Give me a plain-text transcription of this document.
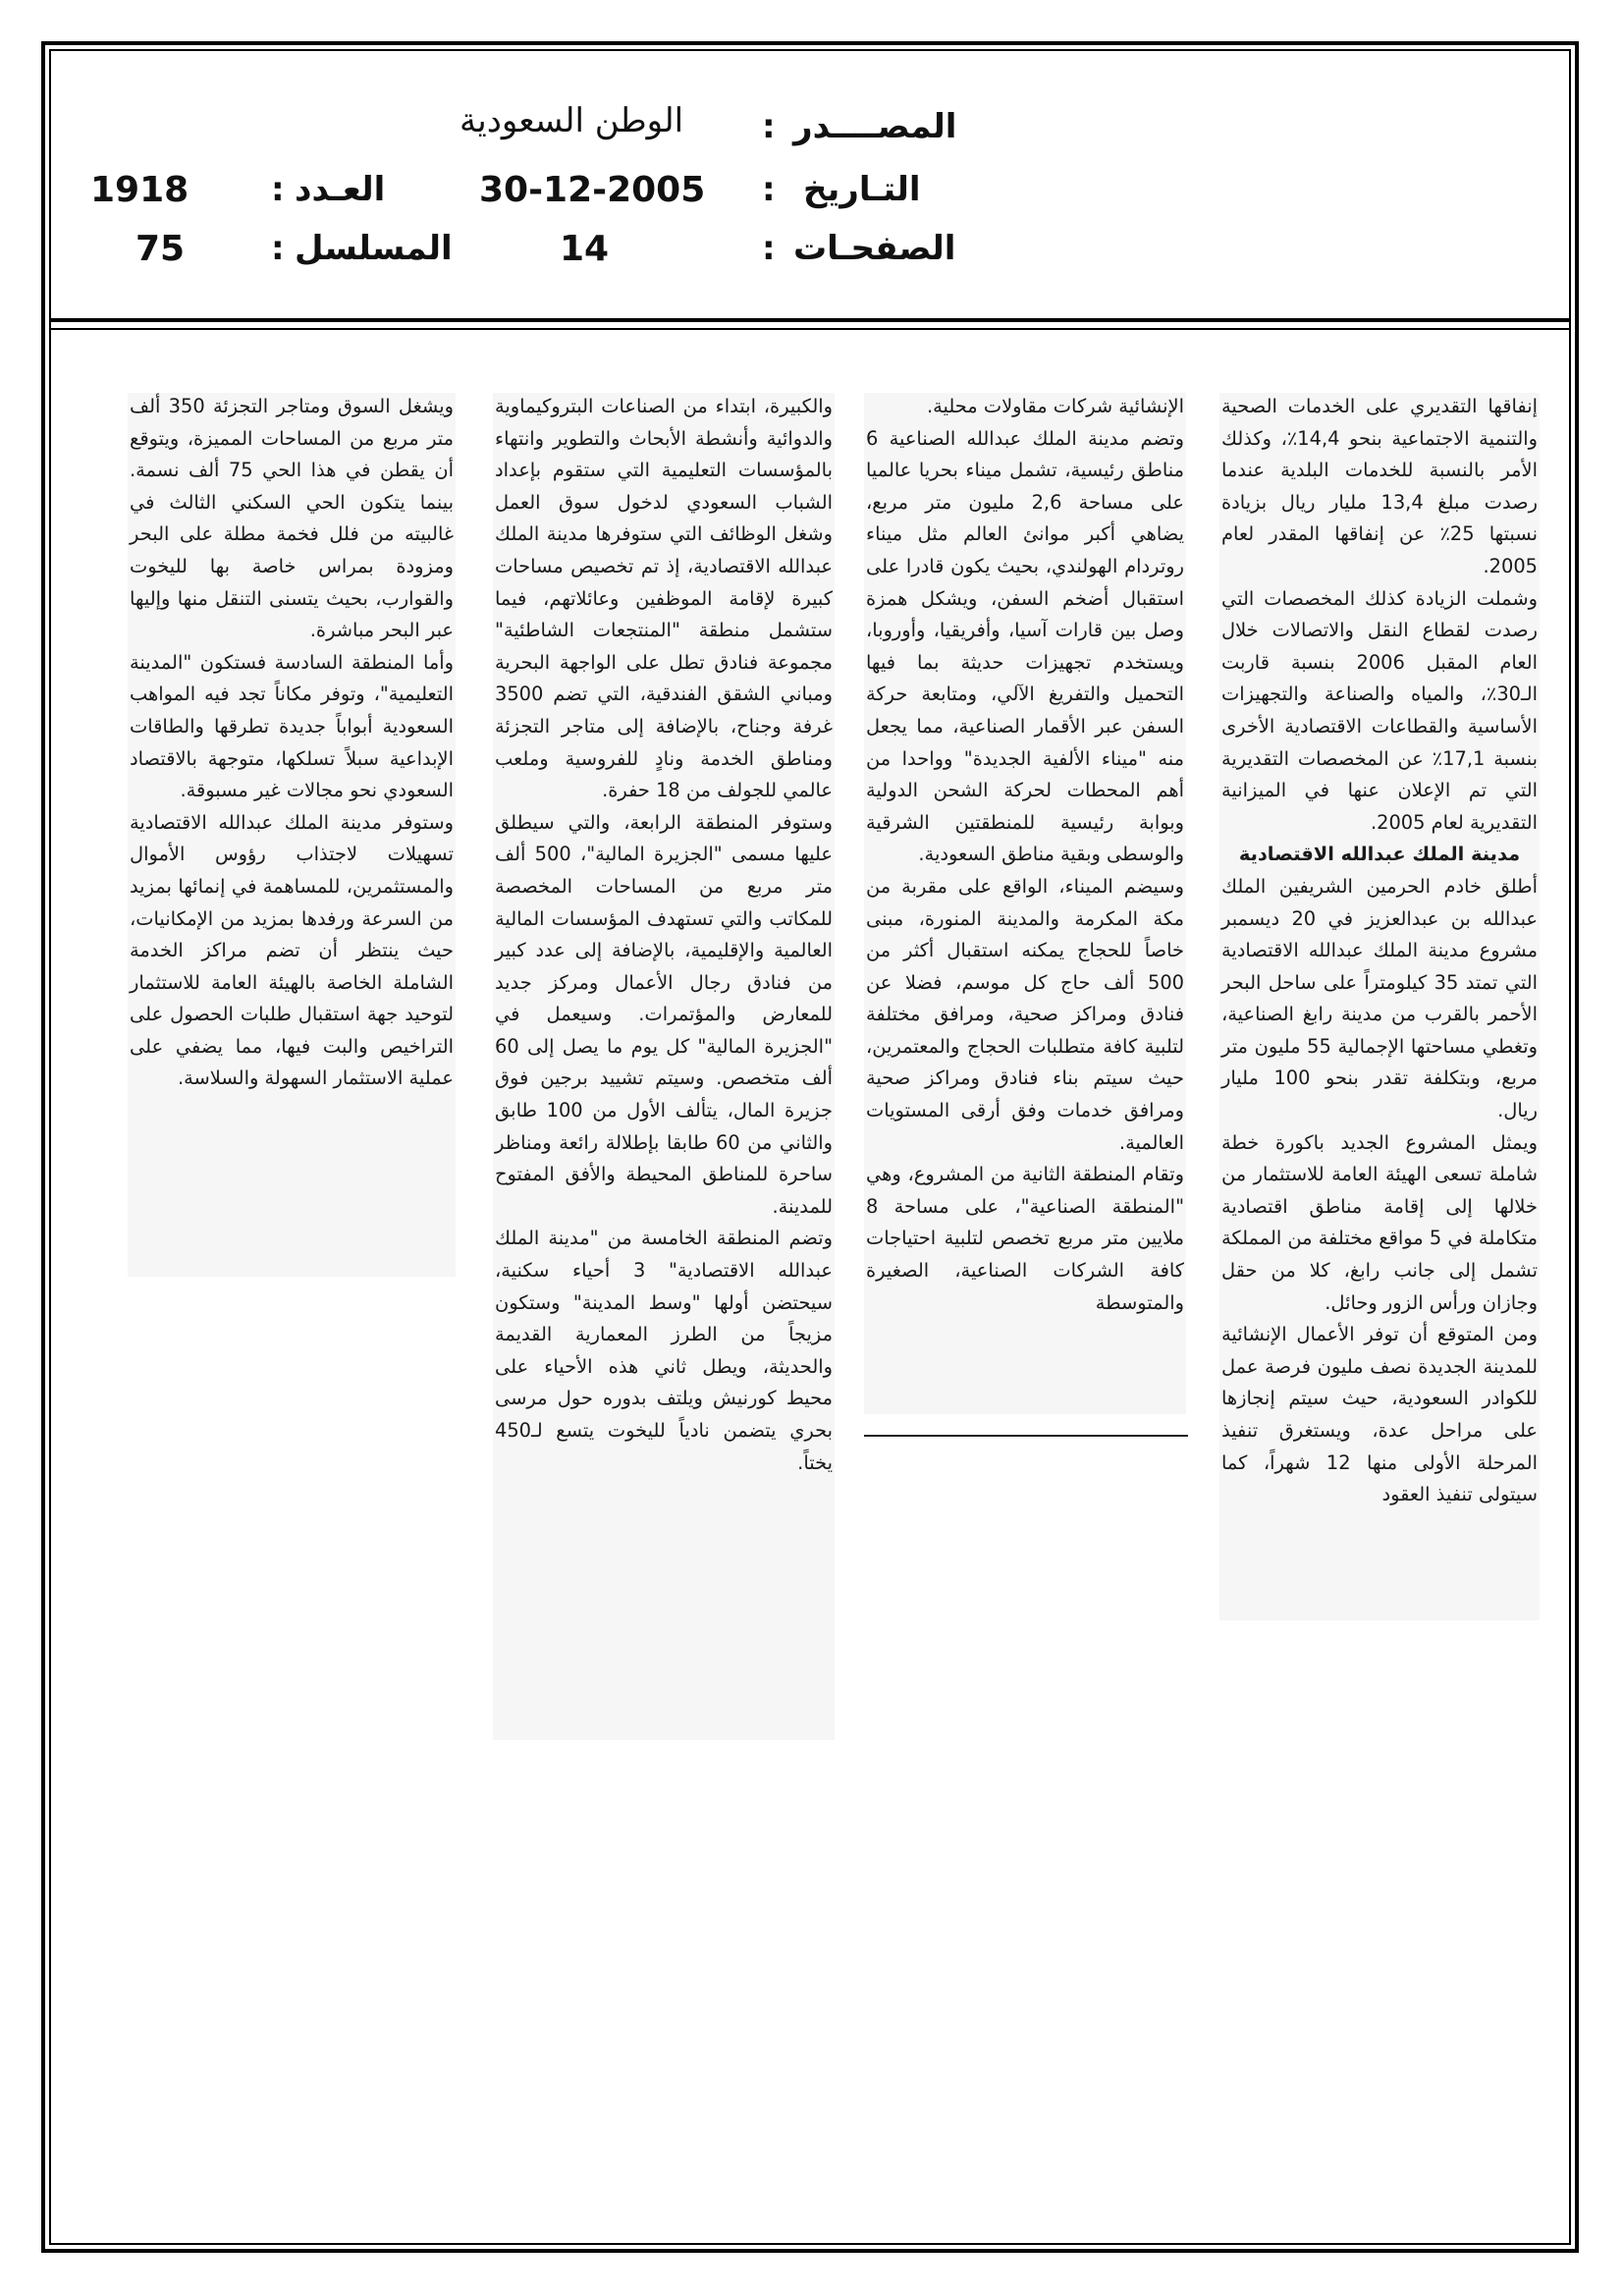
المصــــدر
:
الوطن السعودية
التـاريخ
:
30-12-2005
العـدد
:
1918
الصفحـات
:
14
المسلسل
:
75

إنفاقها التقديري على الخدمات الصحية والتنمية الاجتماعية بنحو 14,4٪، وكذلك الأمر بالنسبة للخدمات البلدية عندما رصدت مبلغ 13,4 مليار ريال بزيادة نسبتها 25٪ عن إنفاقها المقدر لعام 2005.

وشملت الزيادة كذلك المخصصات التي رصدت لقطاع النقل والاتصالات خلال العام المقبل 2006 بنسبة قاربت الـ30٪، والمياه والصناعة والتجهيزات الأساسية والقطاعات الاقتصادية الأخرى بنسبة 17,1٪ عن المخصصات التقديرية التي تم الإعلان عنها في الميزانية التقديرية لعام 2005.

مدينة الملك عبدالله الاقتصادية

أطلق خادم الحرمين الشريفين الملك عبدالله بن عبدالعزيز في 20 ديسمبر مشروع مدينة الملك عبدالله الاقتصادية التي تمتد 35 كيلومتراً على ساحل البحر الأحمر بالقرب من مدينة رابغ الصناعية، وتغطي مساحتها الإجمالية 55 مليون متر مربع، وبتكلفة تقدر بنحو 100 مليار ريال.

ويمثل المشروع الجديد باكورة خطة شاملة تسعى الهيئة العامة للاستثمار من خلالها إلى إقامة مناطق اقتصادية متكاملة في 5 مواقع مختلفة من المملكة تشمل إلى جانب رابغ، كلا من حقل وجازان ورأس الزور وحائل.

ومن المتوقع أن توفر الأعمال الإنشائية للمدينة الجديدة نصف مليون فرصة عمل للكوادر السعودية، حيث سيتم إنجازها على مراحل عدة، ويستغرق تنفيذ المرحلة الأولى منها 12 شهراً، كما سيتولى تنفيذ العقود

الإنشائية شركات مقاولات محلية.

وتضم مدينة الملك عبدالله الصناعية 6 مناطق رئيسية، تشمل ميناء بحريا عالميا على مساحة 2,6 مليون متر مربع، يضاهي أكبر موانئ العالم مثل ميناء روتردام الهولندي، بحيث يكون قادرا على استقبال أضخم السفن، ويشكل همزة وصل بين قارات آسيا، وأفريقيا، وأوروبا، ويستخدم تجهيزات حديثة بما فيها التحميل والتفريغ الآلي، ومتابعة حركة السفن عبر الأقمار الصناعية، مما يجعل منه "ميناء الألفية الجديدة" وواحدا من أهم المحطات لحركة الشحن الدولية وبوابة رئيسية للمنطقتين الشرقية والوسطى وبقية مناطق السعودية.

وسيضم الميناء، الواقع على مقربة من مكة المكرمة والمدينة المنورة، مبنى خاصاً للحجاج يمكنه استقبال أكثر من 500 ألف حاج كل موسم، فضلا عن فنادق ومراكز صحية، ومرافق مختلفة لتلبية كافة متطلبات الحجاج والمعتمرين، حيث سيتم بناء فنادق ومراكز صحية ومرافق خدمات وفق أرقى المستويات العالمية.

وتقام المنطقة الثانية من المشروع، وهي "المنطقة الصناعية"، على مساحة 8 ملايين متر مربع تخصص لتلبية احتياجات كافة الشركات الصناعية، الصغيرة والمتوسطة

والكبيرة، ابتداء من الصناعات البتروكيماوية والدوائية وأنشطة الأبحاث والتطوير وانتهاء بالمؤسسات التعليمية التي ستقوم بإعداد الشباب السعودي لدخول سوق العمل وشغل الوظائف التي ستوفرها مدينة الملك عبدالله الاقتصادية، إذ تم تخصيص مساحات كبيرة لإقامة الموظفين وعائلاتهم، فيما ستشمل منطقة "المنتجعات الشاطئية" مجموعة فنادق تطل على الواجهة البحرية ومباني الشقق الفندقية، التي تضم 3500 غرفة وجناح، بالإضافة إلى متاجر التجزئة ومناطق الخدمة ونادٍ للفروسية وملعب عالمي للجولف من 18 حفرة.

وستوفر المنطقة الرابعة، والتي سيطلق عليها مسمى "الجزيرة المالية"، 500 ألف متر مربع من المساحات المخصصة للمكاتب والتي تستهدف المؤسسات المالية العالمية والإقليمية، بالإضافة إلى عدد كبير من فنادق رجال الأعمال ومركز جديد للمعارض والمؤتمرات. وسيعمل في "الجزيرة المالية" كل يوم ما يصل إلى 60 ألف متخصص. وسيتم تشييد برجين فوق جزيرة المال، يتألف الأول من 100 طابق والثاني من 60 طابقا بإطلالة رائعة ومناظر ساحرة للمناطق المحيطة والأفق المفتوح للمدينة.

وتضم المنطقة الخامسة من "مدينة الملك عبدالله الاقتصادية" 3 أحياء سكنية، سيحتضن أولها "وسط المدينة" وستكون مزيجاً من الطرز المعمارية القديمة والحديثة، ويطل ثاني هذه الأحياء على محيط كورنيش ويلتف بدوره حول مرسى بحري يتضمن نادياً لليخوت يتسع لـ450 يختاً.

ويشغل السوق ومتاجر التجزئة 350 ألف متر مربع من المساحات المميزة، ويتوقع أن يقطن في هذا الحي 75 ألف نسمة. بينما يتكون الحي السكني الثالث في غالبيته من فلل فخمة مطلة على البحر ومزودة بمراس خاصة بها لليخوت والقوارب، بحيث يتسنى التنقل منها وإليها عبر البحر مباشرة.

وأما المنطقة السادسة فستكون "المدينة التعليمية"، وتوفر مكاناً تجد فيه المواهب السعودية أبواباً جديدة تطرقها والطاقات الإبداعية سبلاً تسلكها، متوجهة بالاقتصاد السعودي نحو مجالات غير مسبوقة.

وستوفر مدينة الملك عبدالله الاقتصادية تسهيلات لاجتذاب رؤوس الأموال والمستثمرين، للمساهمة في إنمائها بمزيد من السرعة ورفدها بمزيد من الإمكانيات، حيث ينتظر أن تضم مراكز الخدمة الشاملة الخاصة بالهيئة العامة للاستثمار لتوحيد جهة استقبال طلبات الحصول على التراخيص والبت فيها، مما يضفي على عملية الاستثمار السهولة والسلاسة.
